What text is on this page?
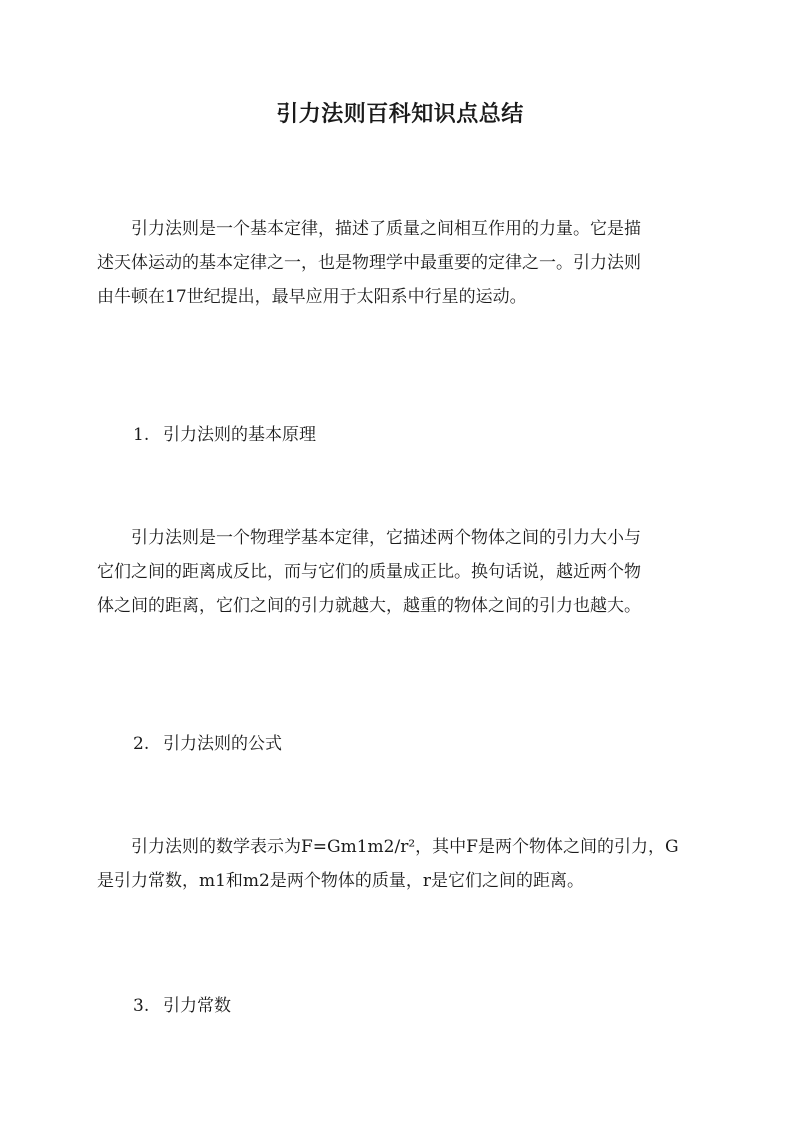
引力法则百科知识点总结
引力法则是一个基本定律，描述了质量之间相互作用的力量。它是描
述天体运动的基本定律之一，也是物理学中最重要的定律之一。引力法则
由牛顿在17世纪提出，最早应用于太阳系中行星的运动。
1. 引力法则的基本原理
引力法则是一个物理学基本定律，它描述两个物体之间的引力大小与
它们之间的距离成反比，而与它们的质量成正比。换句话说，越近两个物
体之间的距离，它们之间的引力就越大，越重的物体之间的引力也越大。
2. 引力法则的公式
引力法则的数学表示为F=Gm1m2/r²，其中F是两个物体之间的引力，G
是引力常数，m1和m2是两个物体的质量，r是它们之间的距离。
3. 引力常数
